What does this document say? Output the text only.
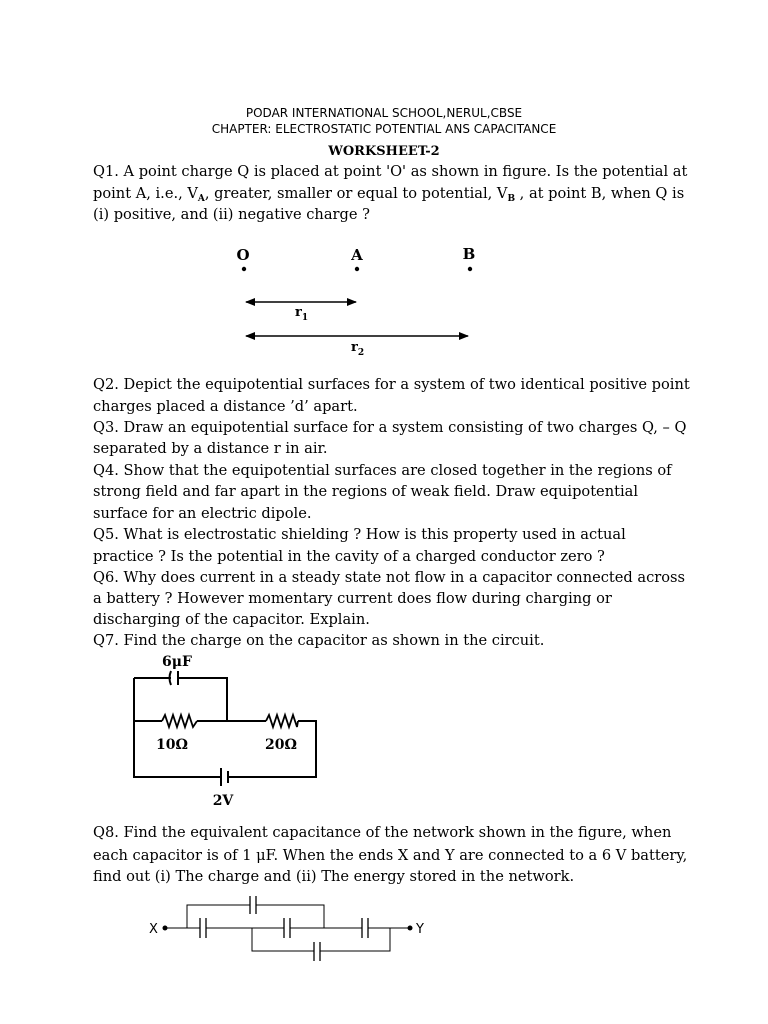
PODAR INTERNATIONAL SCHOOL,NERUL,CBSE
CHAPTER: ELECTROSTATIC POTENTIAL ANS CAPACITANCE
WORKSHEET-2
Q1. A point charge Q is placed at point 'O' as shown in figure. Is the potential at
point A, i.e., $V_A$, greater, smaller or equal to potential, $V_B$ , at point B, when Q is
(i) positive, and (ii) negative charge ?
O	A	B
$r_1$
$r_2$
Q2. Depict the equipotential surfaces for a system of two identical positive point
charges placed a distance ’d’ apart.
Q3. Draw an equipotential surface for a system consisting of two charges Q, – Q
separated by a distance r in air.
Q4. Show that the equipotential surfaces are closed together in the regions of
strong field and far apart in the regions of weak field. Draw equipotential
surface for an electric dipole.
Q5. What is electrostatic shielding ? How is this property used in actual
practice ? Is the potential in the cavity of a charged conductor zero ?
Q6. Why does current in a steady state not flow in a capacitor connected across
a battery ? However momentary current does flow during charging or
discharging of the capacitor. Explain.
Q7. Find the charge on the capacitor as shown in the circuit.
6μF
10Ω	20Ω
2V
Q8. Find the equivalent capacitance of the network shown in the figure, when
each capacitor is of 1 μF. When the ends X and Y are connected to a 6 V battery,
find out (i) The charge and (ii) The energy stored in the network.
X	Y
